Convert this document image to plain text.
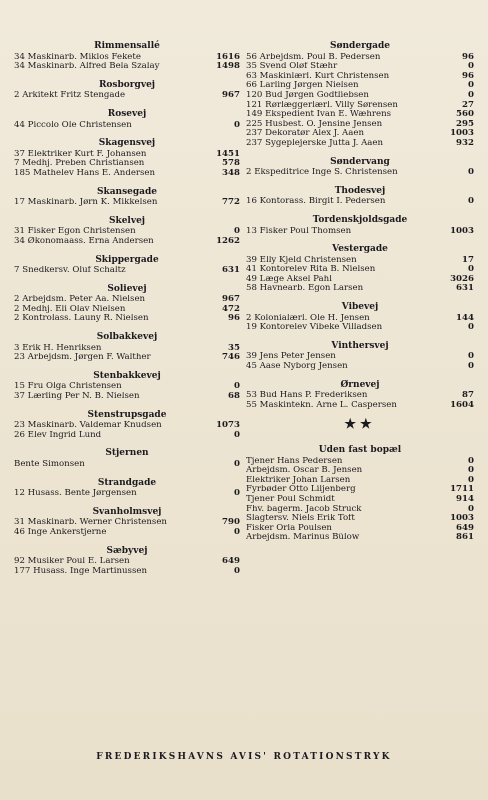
Rimmensallé
34 Maskinarb. Miklos Fekete	1616
34 Maskinarb. Alfred Bela Szalay	1498
Rosborgvej
2 Arkitekt Fritz Stengade	967
Rosevej
44 Piccolo Ole Christensen	0
Skagensvej
37 Elektriker Kurt F. Johansen	1451
7 Medhj. Preben Christiansen	578
185 Mathelev Hans E. Andersen	348
Skansegade
17 Maskinarb. Jørn K. Mikkelsen	772
Skelvej
31 Fisker Egon Christensen	0
34 Økonomaass. Erna Andersen	1262
Skippergade
7 Snedkersv. Oluf Schaltz	631
Solievej
2 Arbejdsm. Peter Aa. Nielsen	967
2 Medhj. Eli Olav Nielsen	472
2 Kontrolass. Launy R. Nielsen	96
Solbakkevej
3 Erik H. Henriksen	35
23 Arbejdsm. Jørgen F. Walther	746
Stenbakkevej
15 Fru Olga Christensen	0
37 Lærling Per N. B. Nielsen	68
Stenstrupsgade
23 Maskinarb. Valdemar Knudsen	1073
26 Elev Ingrid Lund	0
Stjernen
Bente Simonsen	0
Strandgade
12 Husass. Bente Jørgensen	0
Svanholmsvej
31 Maskinarb. Werner Christensen	790
46 Inge Ankerstjerne	0
Sæbyvej
92 Musiker Poul E. Larsen	649
177 Husass. Inge Martinussen	0
Søndergade
56 Arbejdsm. Poul B. Pedersen	96
35 Svend Oløf Stæhr	0
63 Maskinlærl. Kurt Christensen	96
66 Larling Jørgen Nielsen	0
120 Bud Jørgen Godtliebsen	0
121 Rørlæggerlærl. Villy Sørensen	27
149 Ekspedient Ivan E. Wæhrens	560
225 Husbest. O. Jensine Jensen	295
237 Dekoratør Alex J. Aaen	1003
237 Sygeplejerske Jutta J. Aaen	932
Søndervang
2 Ekspeditrice Inge S. Christensen	0
Thodesvej
16 Kontorass. Birgit I. Pedersen	0
Tordenskjoldsgade
13 Fisker Poul Thomsen	1003
Vestergade
39 Elly Kjeld Christensen	17
41 Kontorelev Rita B. Nielsen	0
49 Læge Aksel Pahl	3026
58 Havnearb. Egon Larsen	631
Vibevej
2 Kolonialærl. Ole H. Jensen	144
19 Kontorelev Vibeke Villadsen	0
Vinthersvej
39 Jens Peter Jensen	0
45 Aase Nyborg Jensen	0
Ørnevej
53 Bud Hans P. Frederiksen	87
55 Maskintekn. Arne L. Caspersen	1604
★★
Uden fast bopæl
Tjener Hans Pedersen	0
Arbejdsm. Oscar B. Jensen	0
Elektriker Johan Larsen	0
Fyrbøder Otto Liljenberg	1711
Tjener Poul Schmidt	914
Fhv. bagerm. Jacob Struck	0
Slagtersv. Niels Erik Toft	1003
Fisker Orla Poulsen	649
Arbejdsm. Marinus Bülow	861
FREDERIKSHAVNS AVIS' ROTATIONSTRYK
